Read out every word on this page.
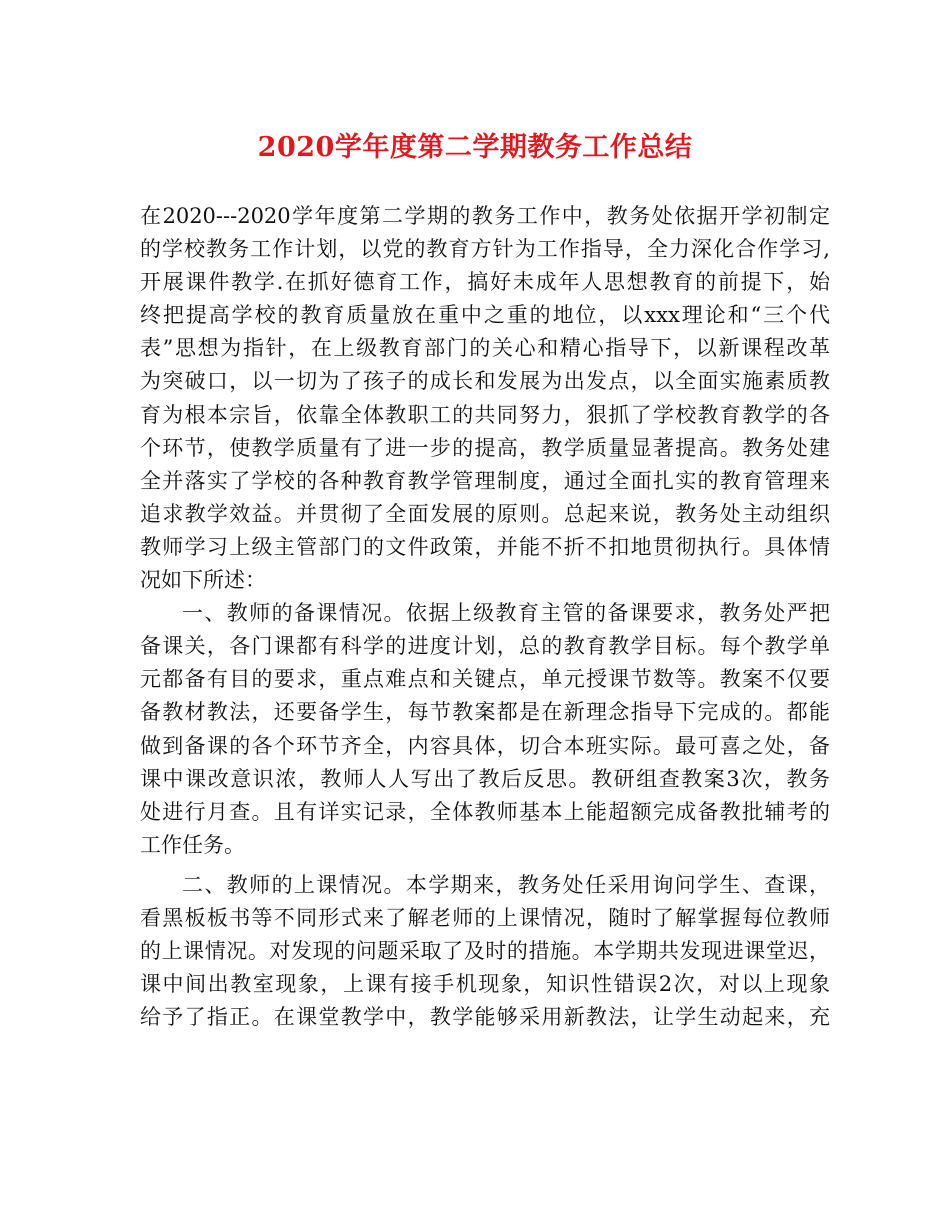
2020学年度第二学期教务工作总结
在2020---2020学年度第二学期的教务工作中，教务处依据开学初制定
的学校教务工作计划，以党的教育方针为工作指导，全力深化合作学习,
开展课件教学.在抓好德育工作，搞好未成年人思想教育的前提下，始
终把提高学校的教育质量放在重中之重的地位，以xxx理论和“三个代
表”思想为指针，在上级教育部门的关心和精心指导下，以新课程改革
为突破口，以一切为了孩子的成长和发展为出发点，以全面实施素质教
育为根本宗旨，依靠全体教职工的共同努力，狠抓了学校教育教学的各
个环节，使教学质量有了进一步的提高，教学质量显著提高。教务处建
全并落实了学校的各种教育教学管理制度，通过全面扎实的教育管理来
追求教学效益。并贯彻了全面发展的原则。总起来说，教务处主动组织
教师学习上级主管部门的文件政策，并能不折不扣地贯彻执行。具体情
况如下所述：
一、教师的备课情况。依据上级教育主管的备课要求，教务处严把
备课关，各门课都有科学的进度计划，总的教育教学目标。每个教学单
元都备有目的要求，重点难点和关键点，单元授课节数等。教案不仅要
备教材教法，还要备学生，每节教案都是在新理念指导下完成的。都能
做到备课的各个环节齐全，内容具体，切合本班实际。最可喜之处，备
课中课改意识浓，教师人人写出了教后反思。教研组查教案3次，教务
处进行月查。且有详实记录，全体教师基本上能超额完成备教批辅考的
工作任务。
二、教师的上课情况。本学期来，教务处任采用询问学生、查课，
看黑板板书等不同形式来了解老师的上课情况，随时了解掌握每位教师
的上课情况。对发现的问题采取了及时的措施。本学期共发现进课堂迟，
课中间出教室现象，上课有接手机现象，知识性错误2次，对以上现象
给予了指正。在课堂教学中，教学能够采用新教法，让学生动起来，充
